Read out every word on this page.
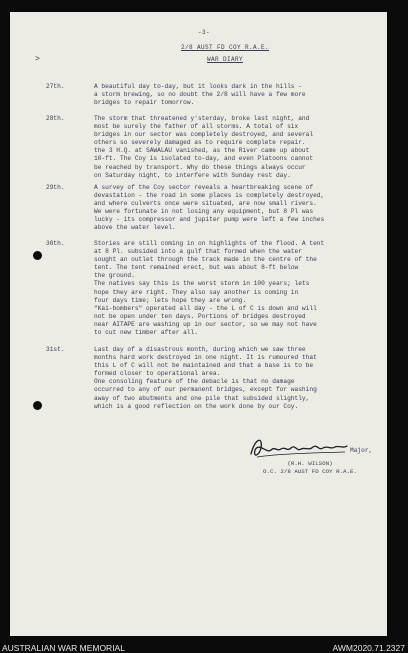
>
-3-
2/8 AUST FD COY R.A.E.
WAR DIARY
27th.	A beautiful day to-day, but it looks dark in the hills -
a storm brewing, so no doubt the 2/8 will have a few more
bridges to repair tomorrow.
28th.	The storm that threatened y'sterday, broke last night, and
most be surely the father of all storms. A total of six
bridges in our sector was completely destroyed, and several
others so severely damaged as to require complete repair.
the 3 H.Q. at SAWALAU vanished, as the River came up about
10-ft. The Coy is isolated to-day, and even Platoons cannot
be reached by transport. Why do these things always occur
on Saturday night, to interfere with Sunday rest day.
29th.	A survey of the Coy sector reveals a heartbreaking scene of
devastation - the road in some places is completely destroyed,
and where culverts once were situated, are now small rivers.
We were fortunate in not losing any equipment, but 8 Pl was
lucky - its compressor and jupiter pump were left a few inches
above the water level.
30th.	Stories are still coming in on highlights of the flood. A tent
at 8 Pl. subsided into a gulf that formed when the water
sought an outlet through the track made in the centre of the
tent. The tent remained erect, but was about 8-ft below
the ground.
The natives say this is the worst storm in 100 years; lets
hope they are right. They also say another is coming in
four days time; lets hope they are wrong.
"Kai-bombers" operated all day - the L of C is down and will
not be open under ten days. Portions of bridges destroyed
near AITAPE are washing up in our sector, so we may not have
to cut new timber after all.
31st.	Last day of a disastrous month, during which we saw three
months hard work destroyed in one night. It is rumoured that
this L of C will not be maintained and that a base is to be
formed closer to operational area.
One consoling feature of the debacle is that no damage
occurred to any of our permanent bridges, except for washing
away of two abutments and one pile that subsided slightly,
which is a good reflection on the work done by our Coy.
Major,
(R.H. WILSON)
O.C. 2/8 AUST FD COY R.A.E.
AUSTRALIAN WAR MEMORIAL	AWM2020.71.2327
